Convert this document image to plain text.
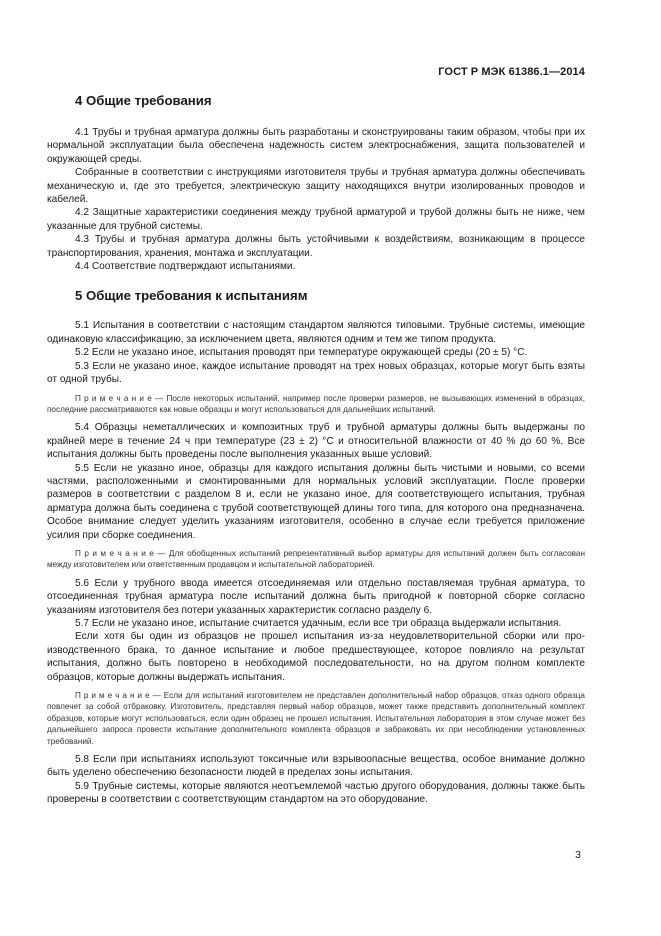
ГОСТ Р МЭК 61386.1—2014
4 Общие требования

4.1 Трубы и трубная арматура должны быть разработаны и сконструированы таким образом, чтобы при их нормальной эксплуатации была обеспечена надежность систем электроснабжения, защита пользователей и окружающей среды.

Собранные в соответствии с инструкциями изготовителя трубы и трубная арматура должны обеспечивать механическую и, где это требуется, электрическую защиту находящихся внутри изолированных проводов и кабелей.

4.2 Защитные характеристики соединения между трубной арматурой и трубой должны быть не ниже, чем указанные для трубной системы.

4.3 Трубы и трубная арматура должны быть устойчивыми к воздействиям, возникающим в процессе транспортирования, хранения, монтажа и эксплуатации.

4.4 Соответствие подтверждают испытаниями.

5 Общие требования к испытаниям

5.1 Испытания в соответствии с настоящим стандартом являются типовыми. Трубные системы, имеющие одинаковую классификацию, за исключением цвета, являются одним и тем же типом продукта.

5.2 Если не указано иное, испытания проводят при температуре окружающей среды (20 ± 5) °С.

5.3 Если не указано иное, каждое испытание проводят на трех новых образцах, которые могут быть взяты от одной трубы.

П р и м е ч а н и е — После некоторых испытаний, например после проверки размеров, не вызывающих изменений в образцах, последние рассматриваются как новые образцы и могут использоваться для дальнейших испытаний.

5.4 Образцы неметаллических и композитных труб и трубной арматуры должны быть выдержаны по крайней мере в течение 24 ч при температуре (23 ± 2) °С и относительной влажности от 40 % до 60 %. Все испытания должны быть проведены после выполнения указанных выше условий.

5.5 Если не указано иное, образцы для каждого испытания должны быть чистыми и новыми, со всеми частями, расположенными и смонтированными для нормальных условий эксплуатации. После проверки размеров в соответствии с разделом 8 и, если не указано иное, для соответствующего испытания, трубная арматура должна быть соединена с трубой соответствующей длины того типа, для которого она предназначена. Особое внимание следует уделить указаниям изготовителя, особенно в случае если требуется приложение усилия при сборке соединения.

П р и м е ч а н и е — Для обобщенных испытаний репрезентативный выбор арматуры для испытаний должен быть согласован между изготовителем или ответственным продавцом и испытательной лабораторией.

5.6 Если у трубного ввода имеется отсоединяемая или отдельно поставляемая трубная арматура, то отсоединенная трубная арматура после испытаний должна быть пригодной к повторной сборке согласно указаниям изготовителя без потери указанных характеристик согласно разделу 6.

5.7 Если не указано иное, испытание считается удачным, если все три образца выдержали испытания.

Если хотя бы один из образцов не прошел испытания из-за неудовлетворительной сборки или производственного брака, то данное испытание и любое предшествующее, которое повлияло на результат испытания, должно быть повторено в необходимой последовательности, но на другом полном комплекте образцов, которые должны выдержать испытания.

П р и м е ч а н и е — Если для испытаний изготовителем не представлен дополнительный набор образцов, отказ одного образца повлечет за собой отбраковку. Изготовитель, представляя первый набор образцов, может также представить дополнительный комплект образцов, которые могут использоваться, если один образец не прошел испытания. Испытательная лаборатория в этом случае может без дальнейшего запроса провести испытание дополнительного комплекта образцов и забраковать их при несоблюдении установленных требований.

5.8 Если при испытаниях используют токсичные или взрывоопасные вещества, особое внимание должно быть уделено обеспечению безопасности людей в пределах зоны испытания.

5.9 Трубные системы, которые являются неотъемлемой частью другого оборудования, должны также быть проверены в соответствии с соответствующим стандартом на это оборудование.

3
